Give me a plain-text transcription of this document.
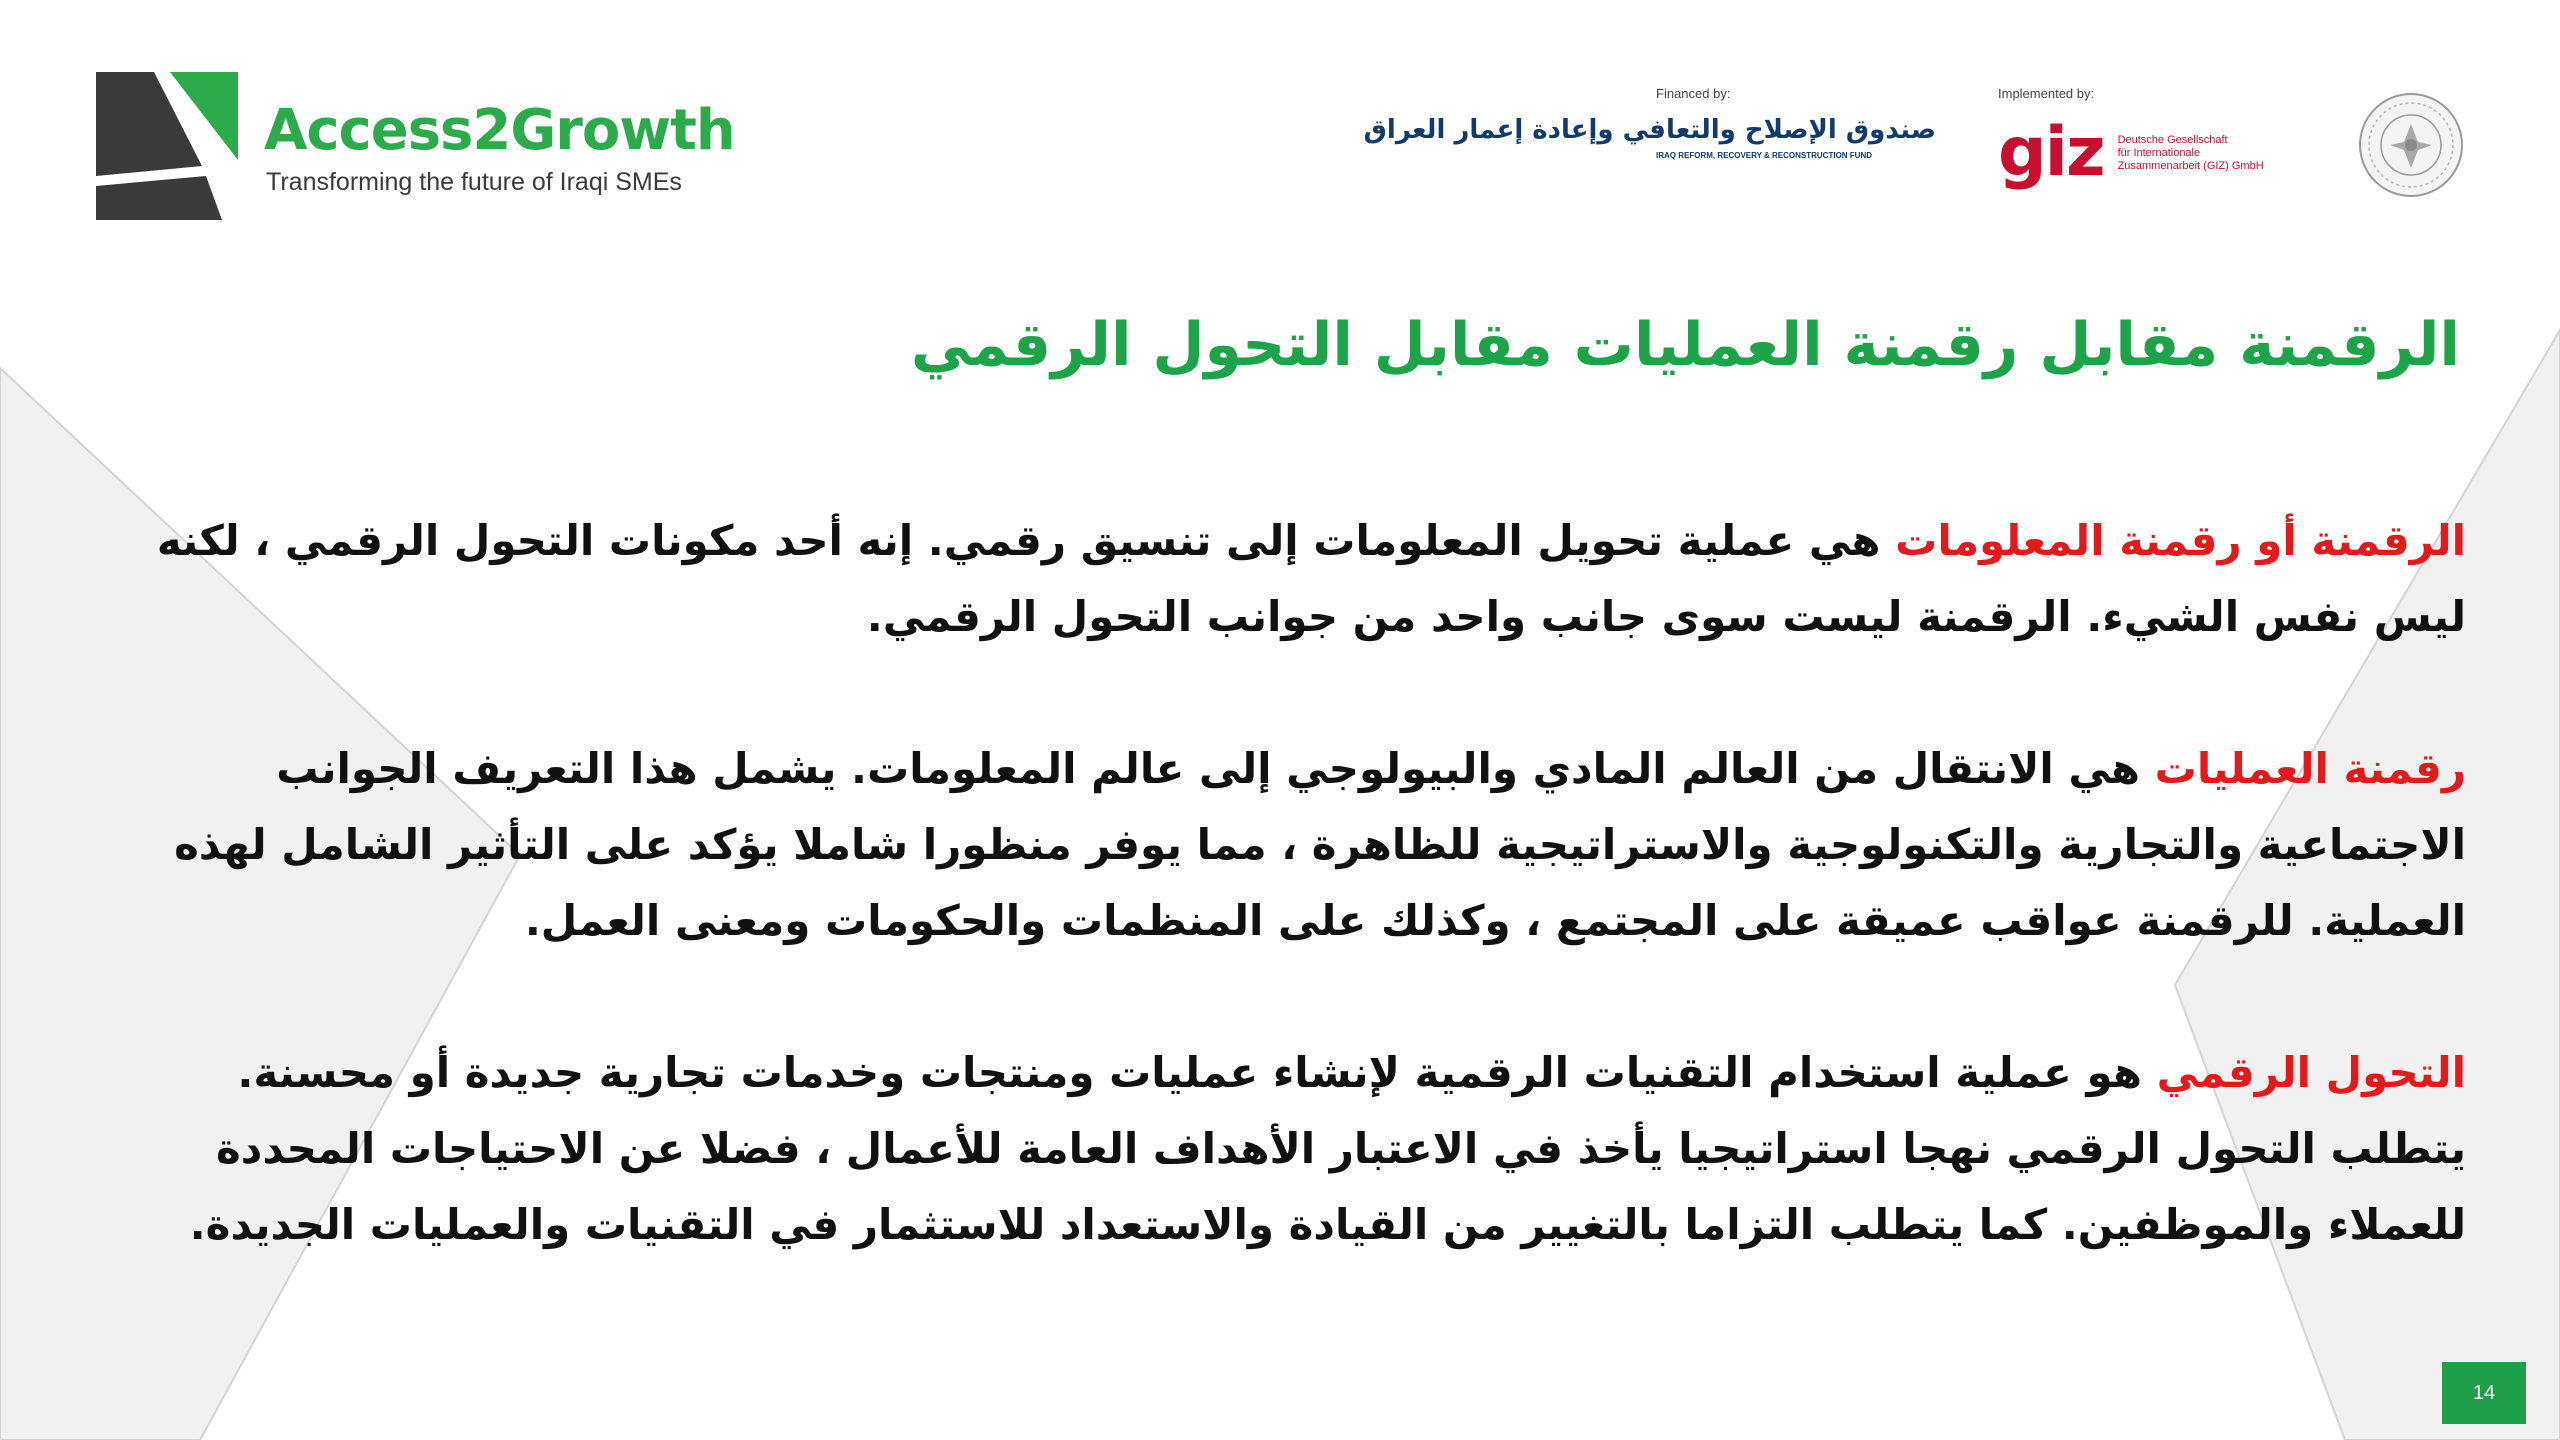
Access2Growth
Transforming the future of Iraqi SMEs
Financed by:
صندوق الإصلاح والتعافي وإعادة إعمار العراق
IRAQ REFORM, RECOVERY & RECONSTRUCTION FUND
Implemented by:
giz Deutsche Gesellschaft
für Internationale
Zusammenarbeit (GIZ) GmbH
الرقمنة مقابل رقمنة العمليات مقابل التحول الرقمي

الرقمنة أو رقمنة المعلومات هي عملية تحويل المعلومات إلى تنسيق رقمي. إنه أحد مكونات التحول الرقمي ، لكنه
ليس نفس الشيء. الرقمنة ليست سوى جانب واحد من جوانب التحول الرقمي.

رقمنة العمليات هي الانتقال من العالم المادي والبيولوجي إلى عالم المعلومات. يشمل هذا التعريف الجوانب
الاجتماعية والتجارية والتكنولوجية والاستراتيجية للظاهرة ، مما يوفر منظورا شاملا يؤكد على التأثير الشامل لهذه
العملية. للرقمنة عواقب عميقة على المجتمع ، وكذلك على المنظمات والحكومات ومعنى العمل.

التحول الرقمي هو عملية استخدام التقنيات الرقمية لإنشاء عمليات ومنتجات وخدمات تجارية جديدة أو محسنة.
يتطلب التحول الرقمي نهجا استراتيجيا يأخذ في الاعتبار الأهداف العامة للأعمال ، فضلا عن الاحتياجات المحددة
للعملاء والموظفين. كما يتطلب التزاما بالتغيير من القيادة والاستعداد للاستثمار في التقنيات والعمليات الجديدة.

14
